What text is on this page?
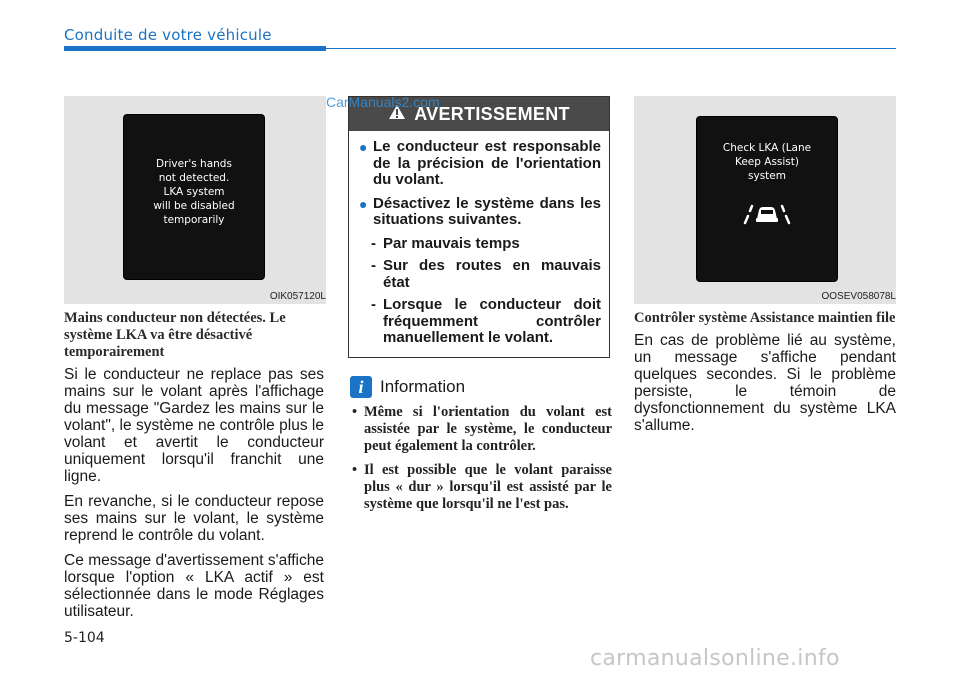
Conduite de votre véhicule
Driver's hands
not detected.
LKA system
will be disabled
temporarily
OIK057120L
Check LKA (Lane
Keep Assist)
system
OOSEV058078L
Mains conducteur non détectées. Le système LKA va être désactivé temporairement

Si le conducteur ne replace pas ses mains sur le volant après l'affichage du message "Gardez les mains sur le volant", le système ne contrôle plus le volant et avertit le conducteur uniquement lorsqu'il franchit une ligne.

En revanche, si le conducteur repose ses mains sur le volant, le système reprend le contrôle du volant.

Ce message d'avertissement s'affiche lorsque l'option « LKA actif » est sélectionnée dans le mode Réglages utilisateur.

AVERTISSEMENT
● Le conducteur est responsable de la précision de l'orientation du volant.
● Désactivez le système dans les situations suivantes.
- Par mauvais temps
- Sur des routes en mauvais état
- Lorsque le conducteur doit fréquemment contrôler manuellement le volant.
i Information
• Même si l'orientation du volant est assistée par le système, le conducteur peut également la contrôler.
• Il est possible que le volant paraisse plus « dur » lorsqu'il est assisté par le système que lorsqu'il ne l'est pas.
Contrôler système Assistance maintien file

En cas de problème lié au système, un message s'affiche pendant quelques secondes. Si le problème persiste, le témoin de dysfonctionnement du système LKA s'allume.

5-104
CarManuals2.com
carmanualsonline.info
